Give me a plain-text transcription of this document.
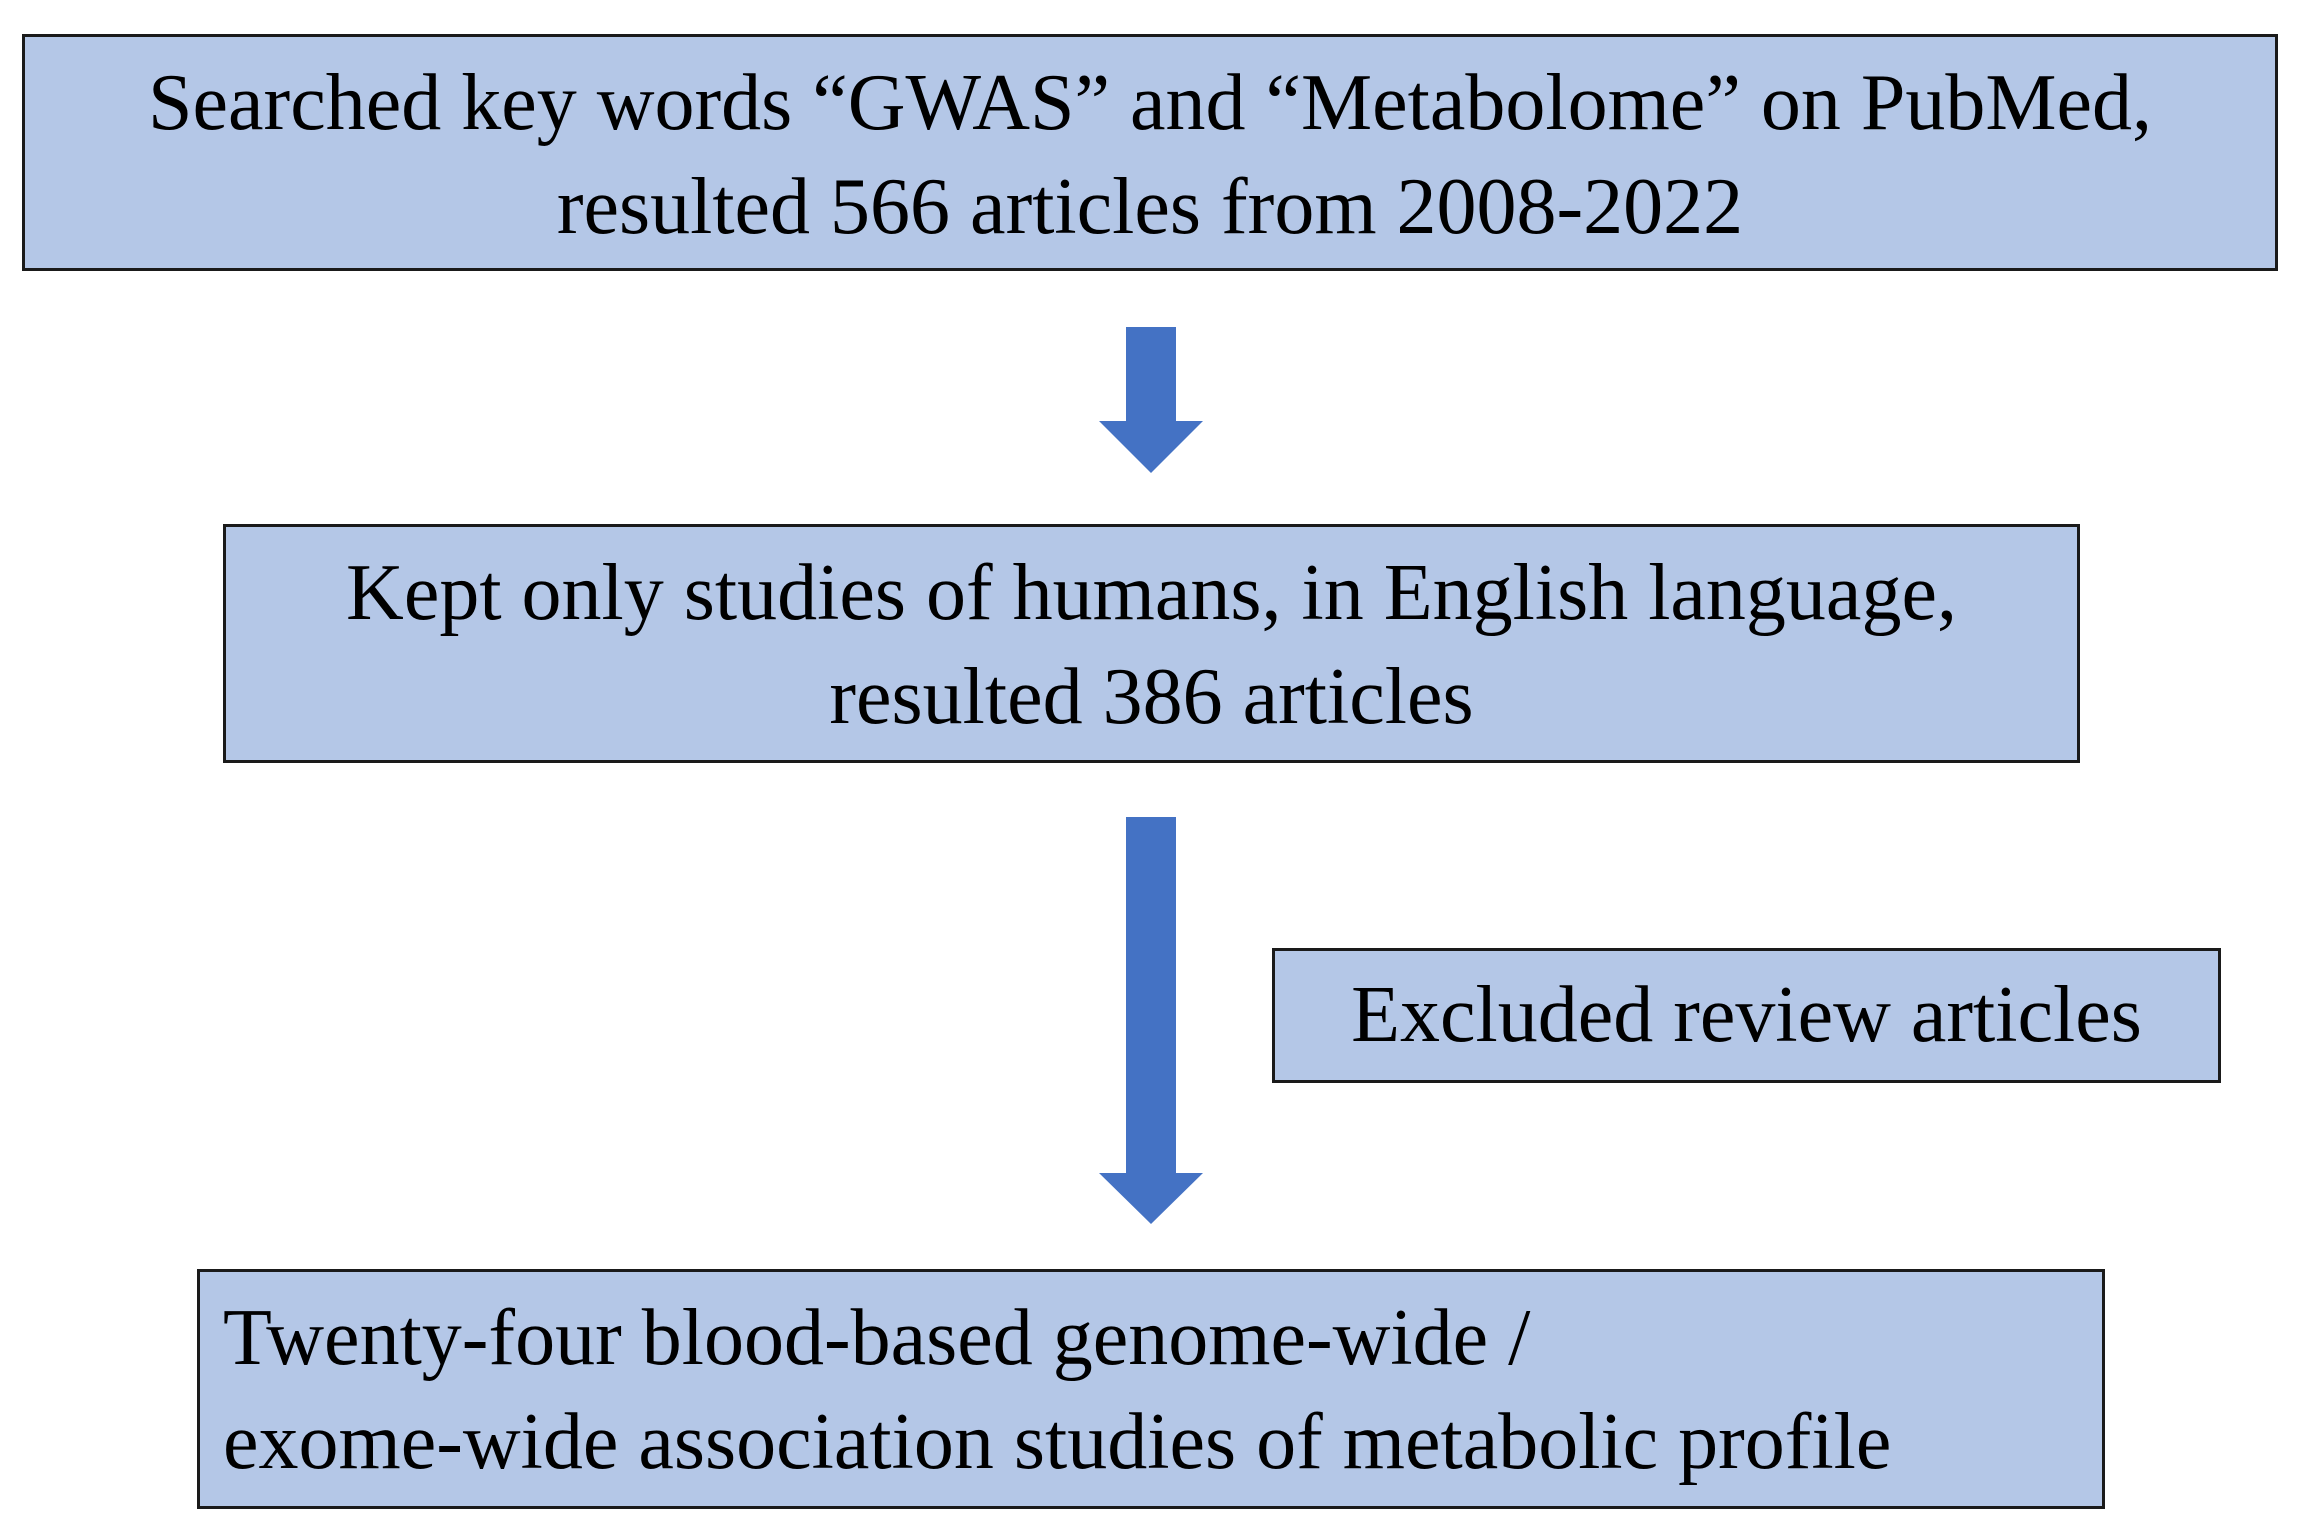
Searched key words “GWAS” and “Metabolome” on PubMed,
resulted 566 articles from 2008-2022
Kept only studies of humans, in English language,
resulted 386 articles
Excluded review articles
Twenty-four blood-based genome-wide /
exome-wide association studies of metabolic profile
